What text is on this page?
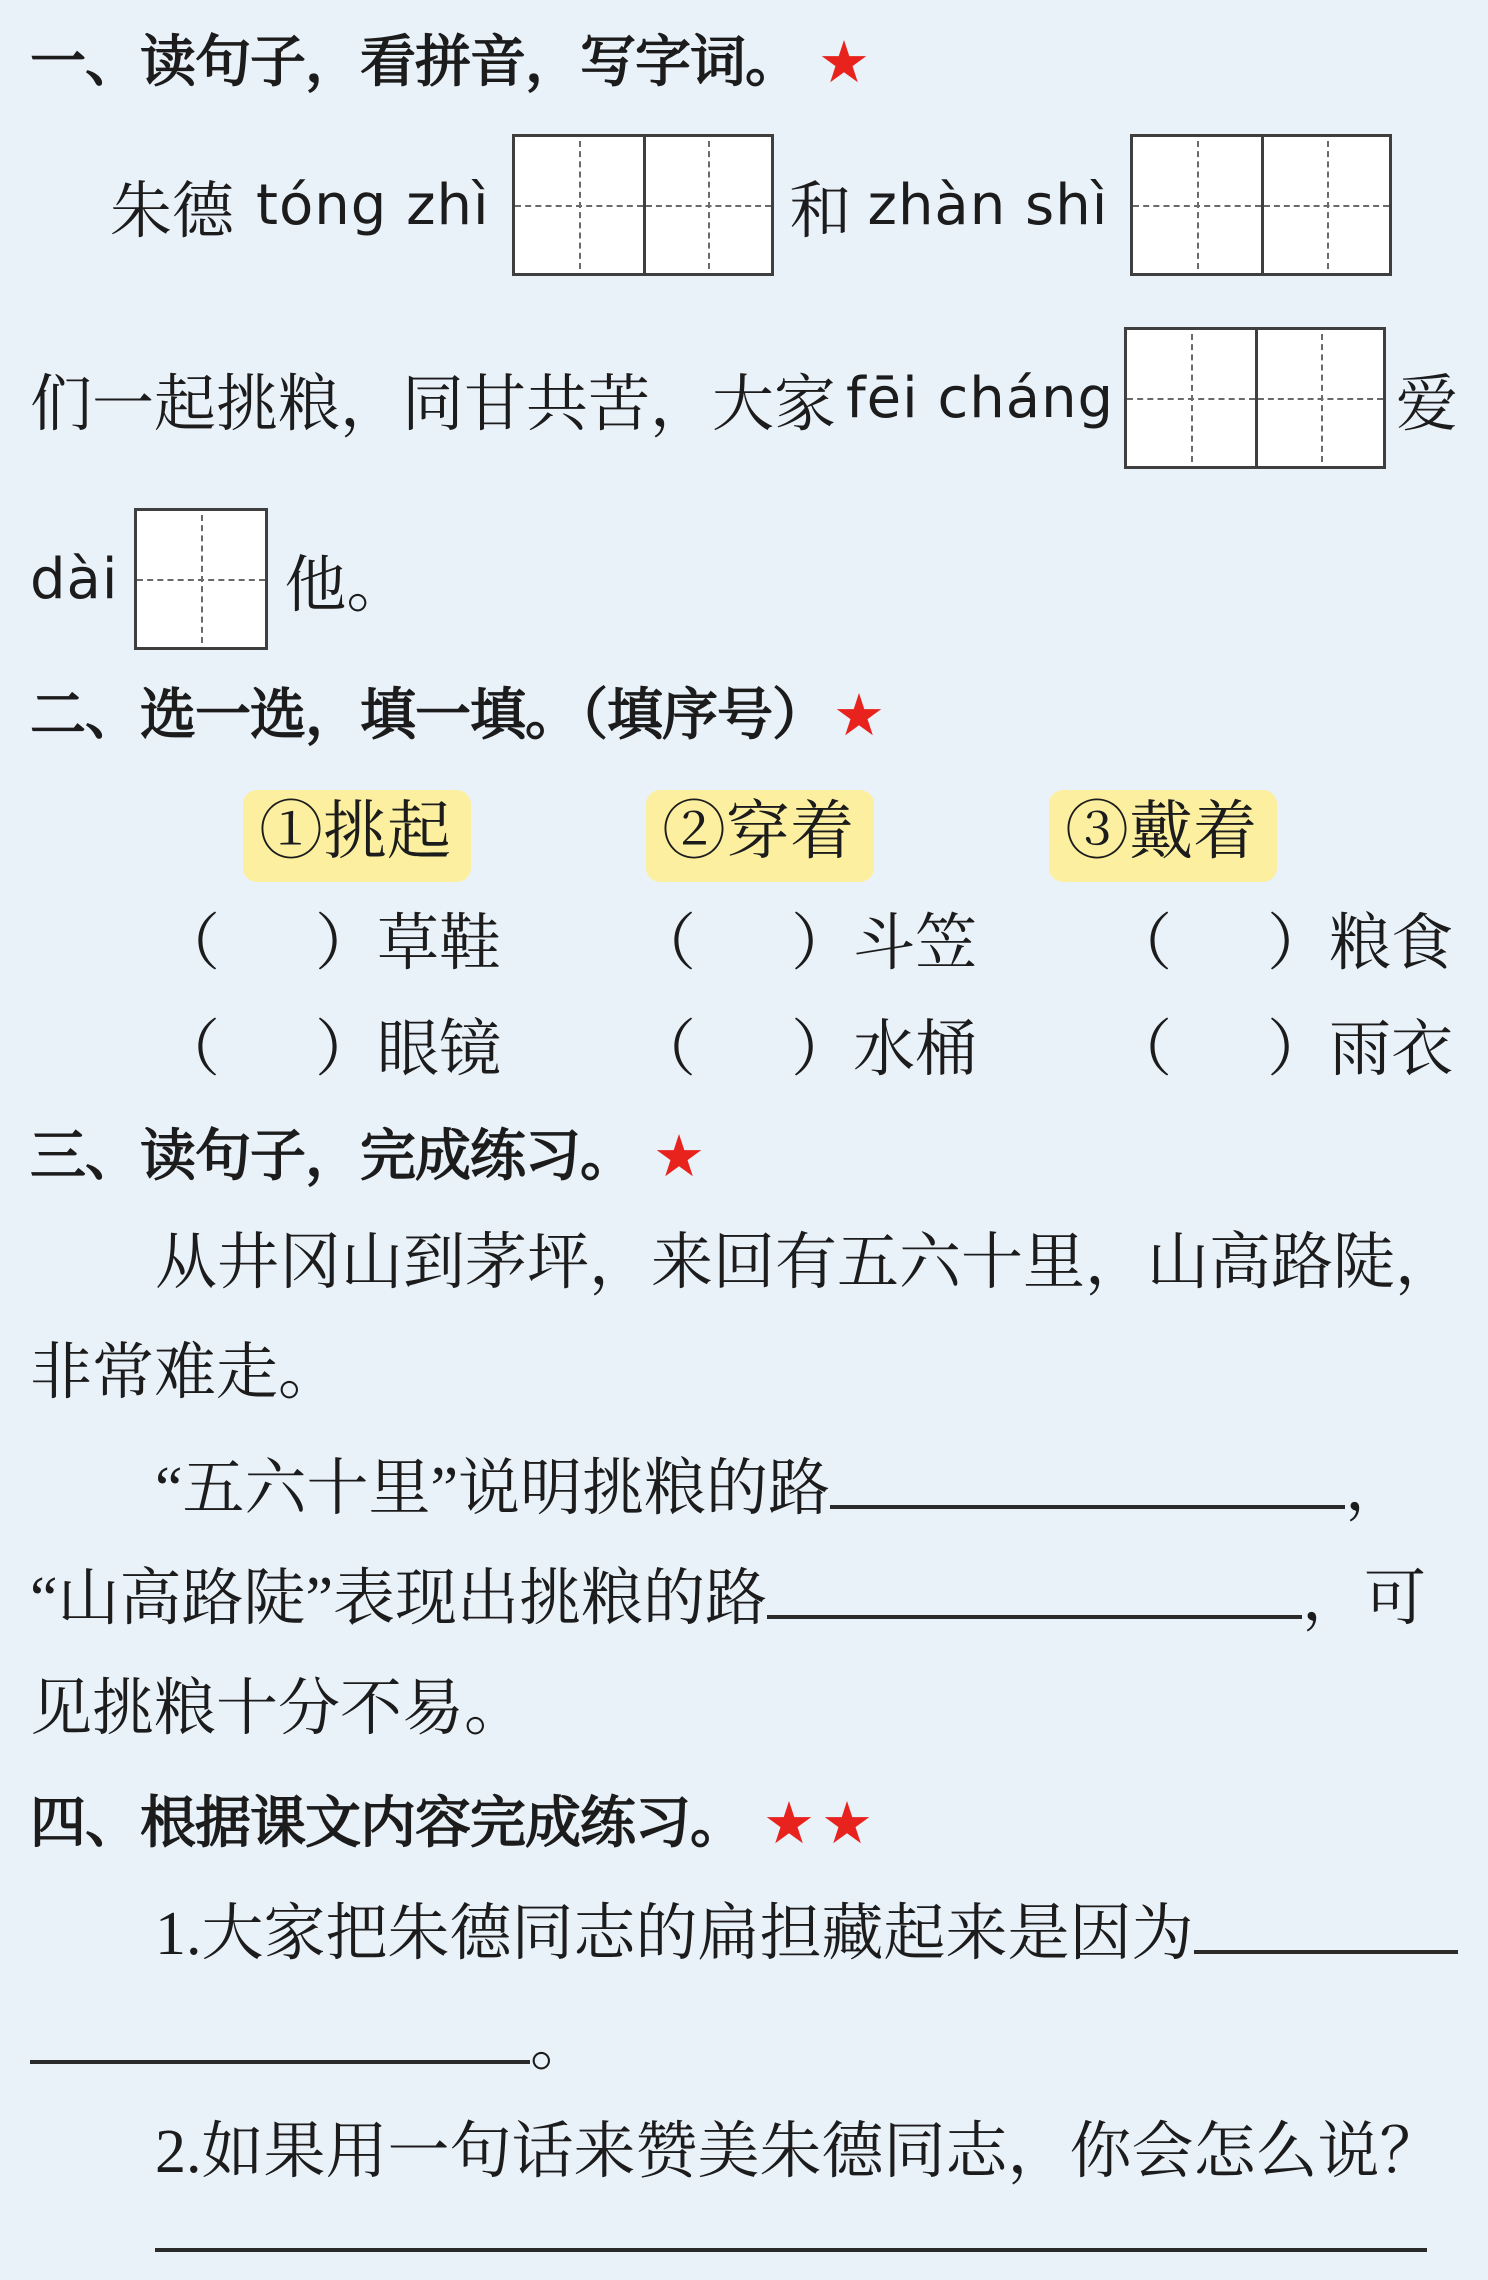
一、读句子，看拼音，写字词。 ★
朱德 tóng zhì	和 zhàn shì
们一起挑粮，同甘共苦，大家 fēi cháng	爱
dài	他。
二、选一选，填一填。（填序号） ★
①挑起	②穿着	③戴着
（ ） 草鞋 （ ） 斗笠 （ ） 粮食
（ ） 眼镜 （ ） 水桶 （ ） 雨衣
三、读句子，完成练习。 ★
从井冈山到茅坪，来回有五六十里，山高路陡，
非常难走。
“五六十里”说明挑粮的路	，
“山高路陡”表现出挑粮的路	，可
见挑粮十分不易。
四、根据课文内容完成练习。 ★★
1.大家把朱德同志的扁担藏起来是因为
。
2.如果用一句话来赞美朱德同志，你会怎么说？
